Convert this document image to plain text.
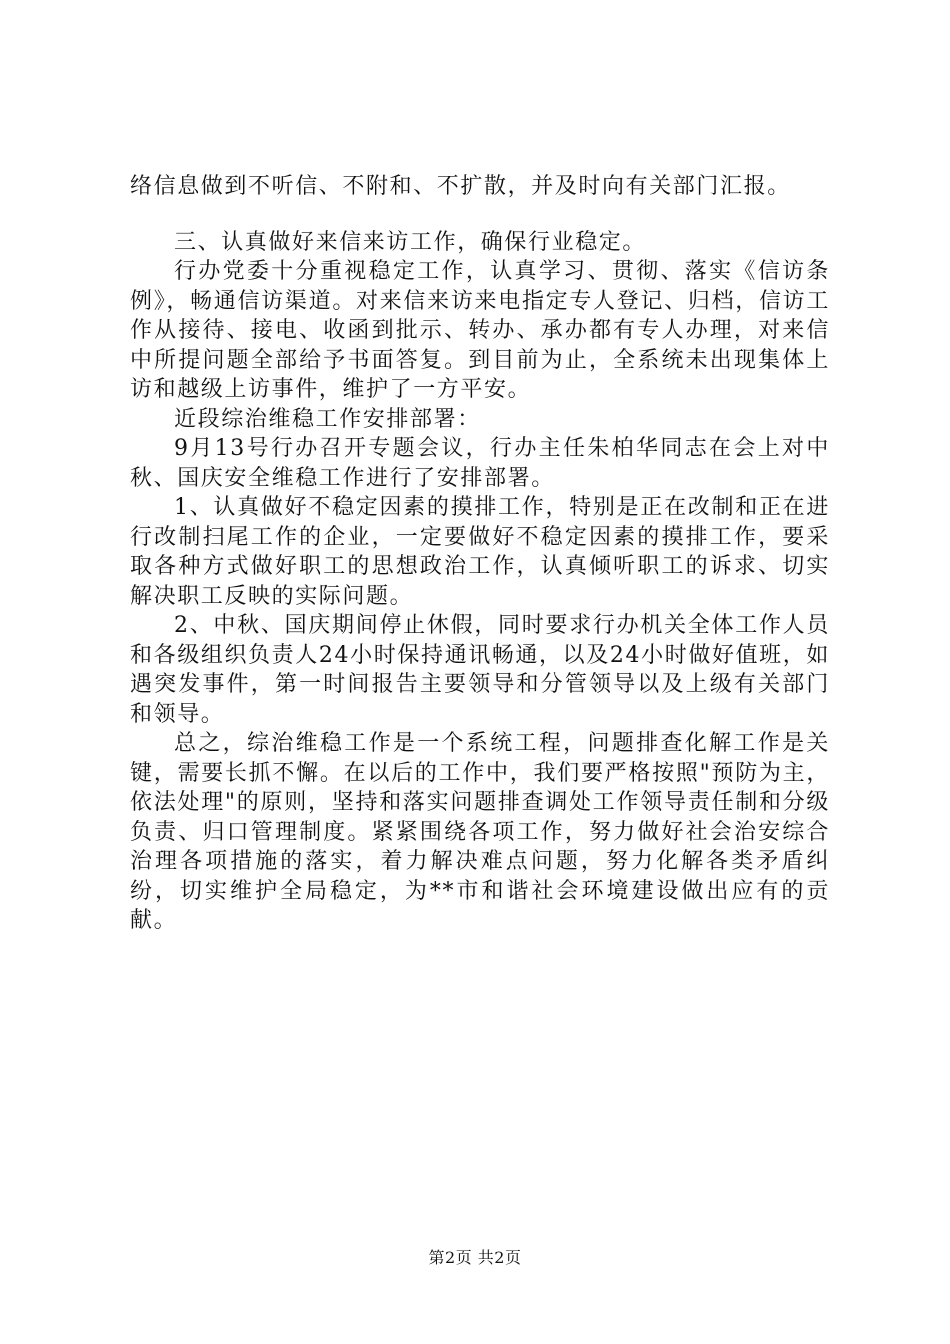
络信息做到不听信、不附和、不扩散，并及时向有关部门汇报。

三、认真做好来信来访工作，确保行业稳定。

行办党委十分重视稳定工作，认真学习、贯彻、落实《信访条例》，畅通信访渠道。对来信来访来电指定专人登记、归档，信访工作从接待、接电、收函到批示、转办、承办都有专人办理，对来信中所提问题全部给予书面答复。到目前为止，全系统未出现集体上访和越级上访事件，维护了一方平安。

近段综治维稳工作安排部署：

9月13号行办召开专题会议，行办主任朱柏华同志在会上对中秋、国庆安全维稳工作进行了安排部署。

1、认真做好不稳定因素的摸排工作，特别是正在改制和正在进行改制扫尾工作的企业，一定要做好不稳定因素的摸排工作，要采取各种方式做好职工的思想政治工作，认真倾听职工的诉求、切实解决职工反映的实际问题。

2、中秋、国庆期间停止休假，同时要求行办机关全体工作人员和各级组织负责人24小时保持通讯畅通，以及24小时做好值班，如遇突发事件，第一时间报告主要领导和分管领导以及上级有关部门和领导。

总之，综治维稳工作是一个系统工程，问题排查化解工作是关键，需要长抓不懈。在以后的工作中，我们要严格按照"预防为主，依法处理"的原则，坚持和落实问题排查调处工作领导责任制和分级负责、归口管理制度。紧紧围绕各项工作，努力做好社会治安综合治理各项措施的落实，着力解决难点问题，努力化解各类矛盾纠纷，切实维护全局稳定，为**市和谐社会环境建设做出应有的贡献。

第2页 共2页
